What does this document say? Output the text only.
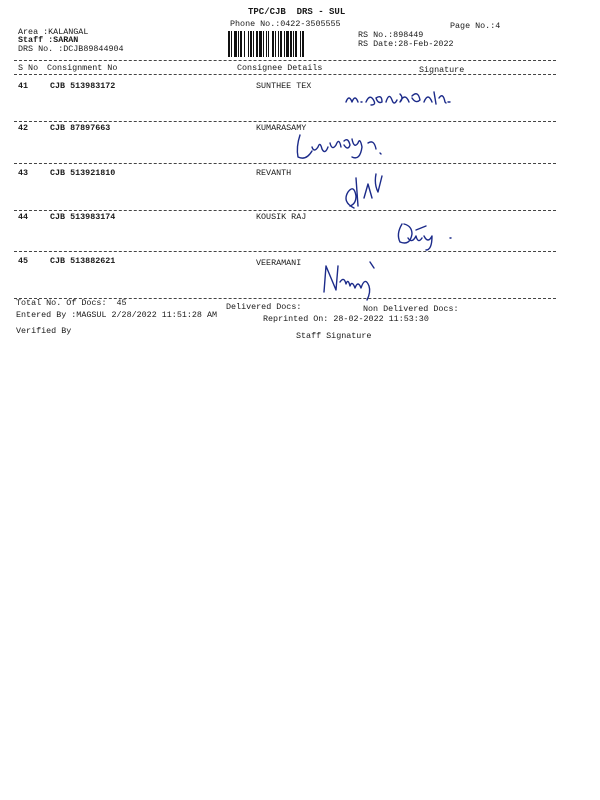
TPC/CJB  DRS - SUL
Phone No.:0422-3505555	Page No.:4
Area :KALANGAL
Staff :SARAN
DRS No. :DCJB89844904
RS No.:898449
RS Date:28-Feb-2022
S No Consignment No	Consignee Details	Signature
41	CJB 513983172	SUNTHEE TEX
42	CJB 87897663	KUMARASAMY
43	CJB 513921810	REVANTH
44	CJB 513983174	KOUSIK RAJ
45	CJB 513882621	VEERAMANI
Total No. Of Docs:  45	Delivered Docs:	Non Delivered Docs:
Entered By :MAGSUL 2/28/2022 11:51:28 AM	Reprinted On: 28-02-2022 11:53:30
Verified By	Staff Signature
